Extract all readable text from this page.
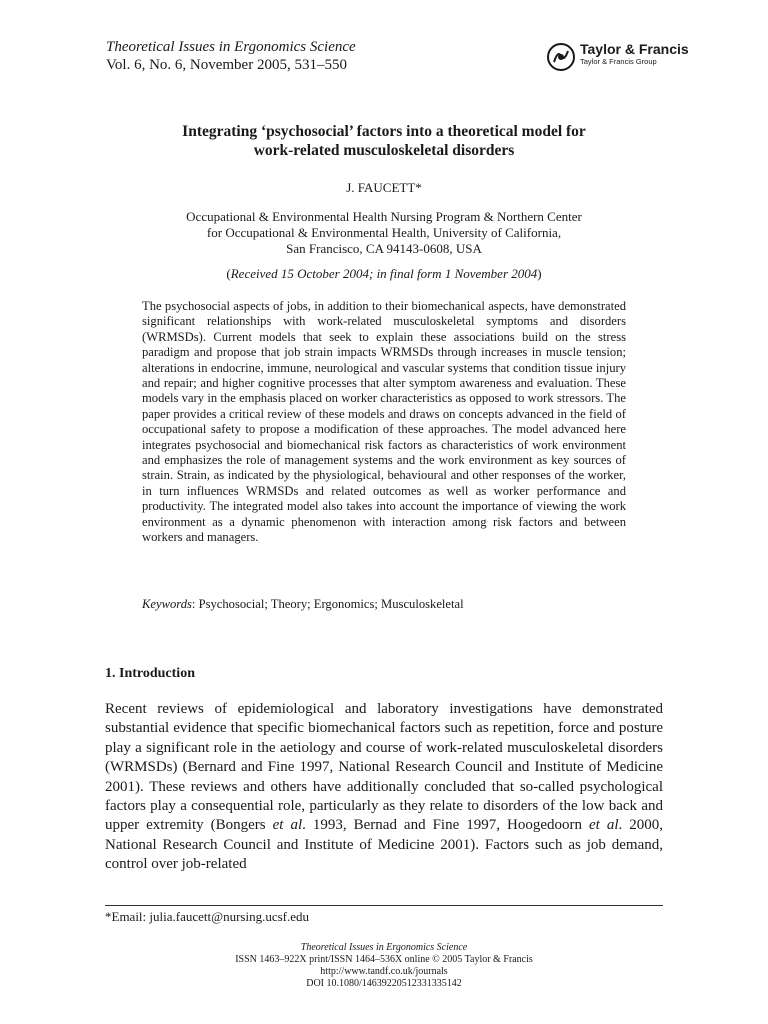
Theoretical Issues in Ergonomics Science
Vol. 6, No. 6, November 2005, 531–550
Taylor & Francis
Taylor & Francis Group
Integrating ‘psychosocial’ factors into a theoretical model for
work-related musculoskeletal disorders
J. FAUCETT*
Occupational & Environmental Health Nursing Program & Northern Center
for Occupational & Environmental Health, University of California,
San Francisco, CA 94143-0608, USA
(Received 15 October 2004; in final form 1 November 2004)

The psychosocial aspects of jobs, in addition to their biomechanical aspects, have demonstrated significant relationships with work-related musculoskeletal symptoms and disorders (WRMSDs). Current models that seek to explain these associations build on the stress paradigm and propose that job strain impacts WRMSDs through increases in muscle tension; alterations in endocrine, immune, neurological and vascular systems that condition tissue injury and repair; and higher cognitive processes that alter symptom awareness and evaluation. These models vary in the emphasis placed on worker characteristics as opposed to work stressors. The paper provides a critical review of these models and draws on concepts advanced in the field of occupational safety to propose a modification of these approaches. The model advanced here integrates psychosocial and biomechanical risk factors as characteristics of work environment and emphasizes the role of management systems and the work environment as key sources of strain. Strain, as indicated by the physiological, behavioural and other responses of the worker, in turn influences WRMSDs and related outcomes as well as worker performance and productivity. The integrated model also takes into account the importance of viewing the work environment as a dynamic phenomenon with interaction among risk factors and between workers and managers.

Keywords: Psychosocial; Theory; Ergonomics; Musculoskeletal
1. Introduction

Recent reviews of epidemiological and laboratory investigations have demonstrated substantial evidence that specific biomechanical factors such as repetition, force and posture play a significant role in the aetiology and course of work-related musculoskeletal disorders (WRMSDs) (Bernard and Fine 1997, National Research Council and Institute of Medicine 2001). These reviews and others have additionally concluded that so-called psychological factors play a consequential role, particularly as they relate to disorders of the low back and upper extremity (Bongers et al. 1993, Bernad and Fine 1997, Hoogedoorn et al. 2000, National Research Council and Institute of Medicine 2001). Factors such as job demand, control over job-related

*Email: julia.faucett@nursing.ucsf.edu
Theoretical Issues in Ergonomics Science
ISSN 1463–922X print/ISSN 1464–536X online © 2005 Taylor & Francis
http://www.tandf.co.uk/journals
DOI 10.1080/14639220512331335142
